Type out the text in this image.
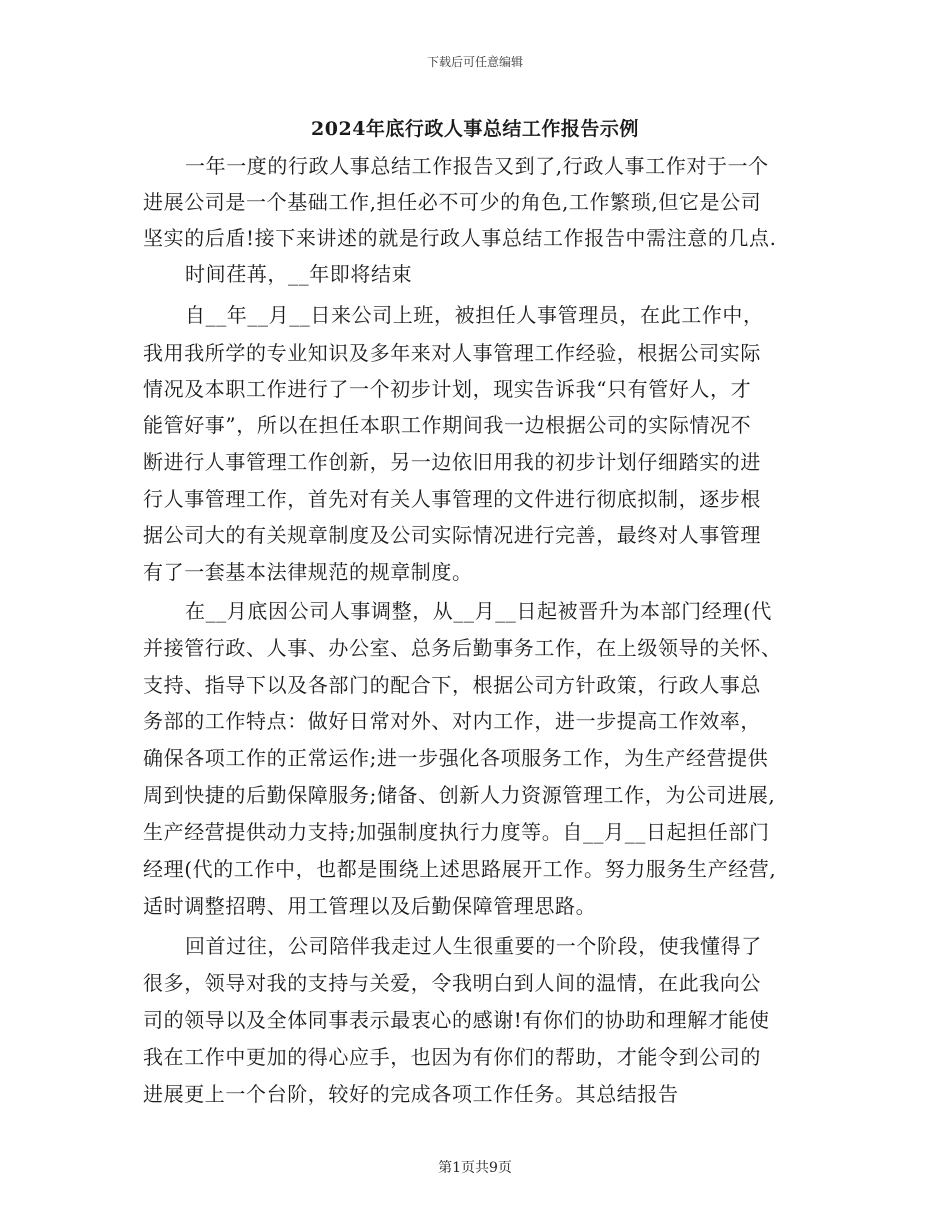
下载后可任意编辑
2024年底行政人事总结工作报告示例
一年一度的行政人事总结工作报告又到了,行政人事工作对于一个
进展公司是一个基础工作,担任必不可少的角色,工作繁琐,但它是公司
坚实的后盾!接下来讲述的就是行政人事总结工作报告中需注意的几点.
时间荏苒，__年即将结束
自__年__月__日来公司上班，被担任人事管理员，在此工作中，
我用我所学的专业知识及多年来对人事管理工作经验，根据公司实际
情况及本职工作进行了一个初步计划，现实告诉我“只有管好人，才
能管好事”，所以在担任本职工作期间我一边根据公司的实际情况不
断进行人事管理工作创新，另一边依旧用我的初步计划仔细踏实的进
行人事管理工作，首先对有关人事管理的文件进行彻底拟制，逐步根
据公司大的有关规章制度及公司实际情况进行完善，最终对人事管理
有了一套基本法律规范的规章制度。
在__月底因公司人事调整，从__月__日起被晋升为本部门经理(代
并接管行政、人事、办公室、总务后勤事务工作，在上级领导的关怀、
支持、指导下以及各部门的配合下，根据公司方针政策，行政人事总
务部的工作特点：做好日常对外、对内工作，进一步提高工作效率，
确保各项工作的正常运作;进一步强化各项服务工作，为生产经营提供
周到快捷的后勤保障服务;储备、创新人力资源管理工作，为公司进展,
生产经营提供动力支持;加强制度执行力度等。自__月__日起担任部门
经理(代的工作中，也都是围绕上述思路展开工作。努力服务生产经营,
适时调整招聘、用工管理以及后勤保障管理思路。
回首过往，公司陪伴我走过人生很重要的一个阶段，使我懂得了
很多，领导对我的支持与关爱，令我明白到人间的温情，在此我向公
司的领导以及全体同事表示最衷心的感谢!有你们的协助和理解才能使
我在工作中更加的得心应手，也因为有你们的帮助，才能令到公司的
进展更上一个台阶，较好的完成各项工作任务。其总结报告
第1页共9页
